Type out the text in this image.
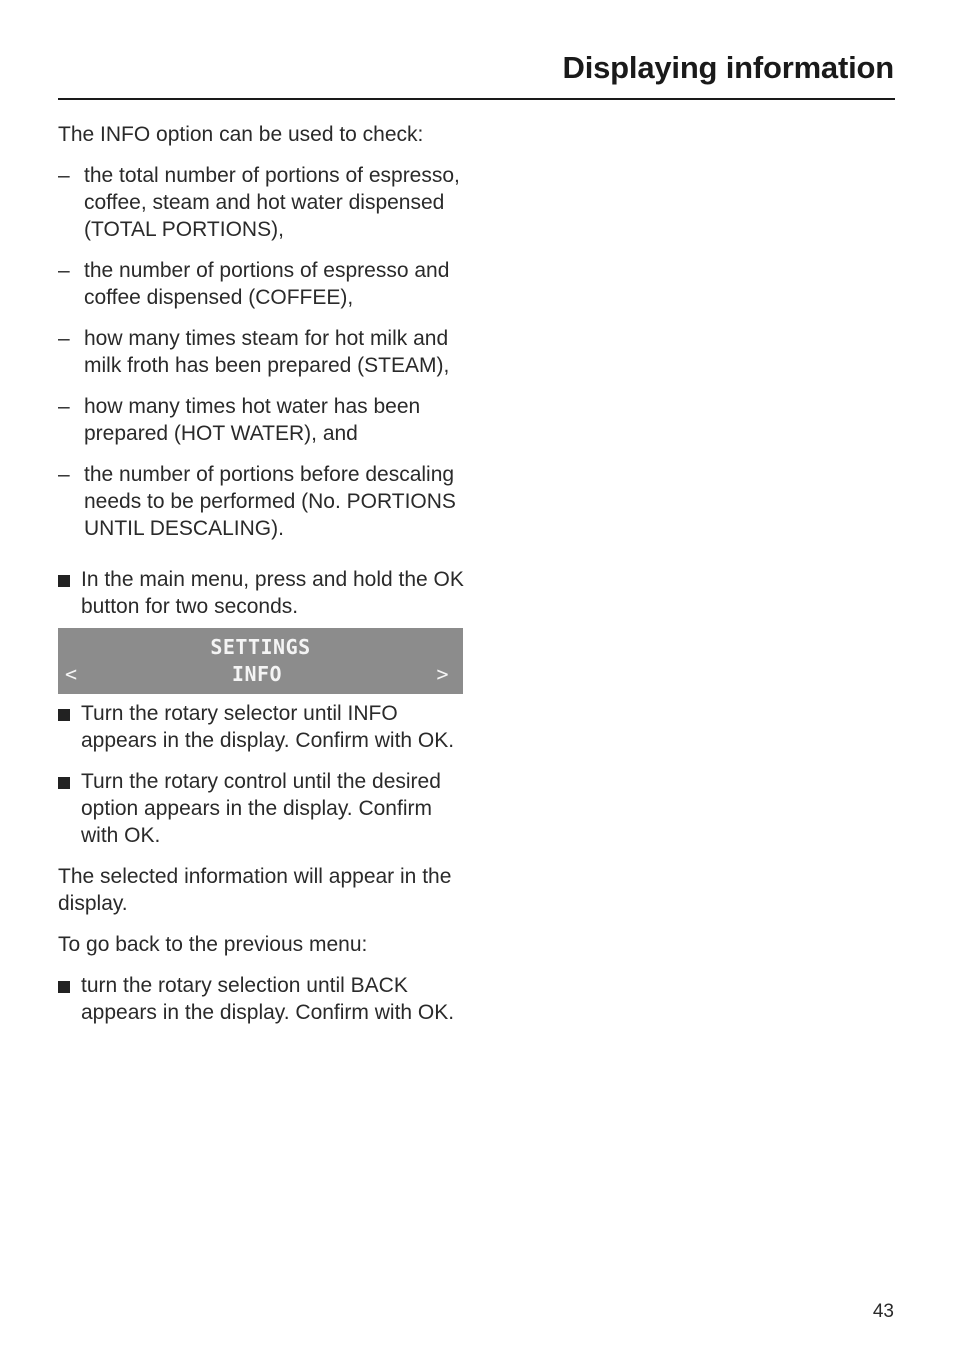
Displaying information

The INFO option can be used to check:

– the total number of portions of espresso, coffee, steam and hot water dispensed (TOTAL PORTIONS),
– the number of portions of espresso and coffee dispensed (COFFEE),
– how many times steam for hot milk and milk froth has been prepared (STEAM),
– how many times hot water has been prepared (HOT WATER), and
– the number of portions before descaling needs to be performed (No. PORTIONS UNTIL DESCALING).
In the main menu, press and hold the OK button for two seconds.
SETTINGS
<	INFO	>
Turn the rotary selector until INFO appears in the display. Confirm with OK.
Turn the rotary control until the desired option appears in the display. Confirm with OK.

The selected information will appear in the display.

To go back to the previous menu:

turn the rotary selection until BACK appears in the display. Confirm with OK.
43
